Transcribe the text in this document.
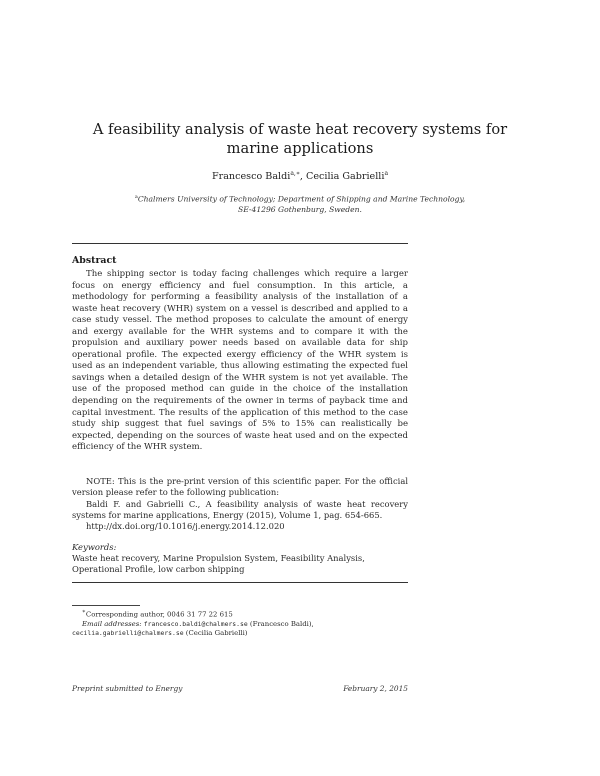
A feasibility analysis of waste heat recovery systems for
marine applications
Francesco Baldi$^{a,∗}$, Cecilia Gabrielli$^a$
$^a$Chalmers University of Technology; Department of Shipping and Marine Technology,
SE-41296 Gothenburg, Sweden.
Abstract
The shipping sector is today facing challenges which require a larger focus on energy efficiency and fuel consumption. In this article, a methodology for performing a feasibility analysis of the installation of a waste heat recovery (WHR) system on a vessel is described and applied to a case study vessel. The method proposes to calculate the amount of energy and exergy available for the WHR systems and to compare it with the propulsion and auxiliary power needs based on available data for ship operational profile. The expected exergy efficiency of the WHR system is used as an independent variable, thus allowing estimating the expected fuel savings when a detailed design of the WHR system is not yet available. The use of the proposed method can guide in the choice of the installation depending on the requirements of the owner in terms of payback time and capital investment. The results of the application of this method to the case study ship suggest that fuel savings of 5% to 15% can realistically be expected, depending on the sources of waste heat used and on the expected efficiency of the WHR system.

NOTE: This is the pre-print version of this scientific paper. For the official version please refer to the following publication:

Baldi F. and Gabrielli C., A feasibility analysis of waste heat recovery systems for marine applications, Energy (2015), Volume 1, pag. 654-665.

http://dx.doi.org/10.1016/j.energy.2014.12.020

Keywords:
Waste heat recovery, Marine Propulsion System, Feasibility Analysis,
Operational Profile, low carbon shipping

∗Corresponding author, 0046 31 77 22 615

Email addresses: francesco.baldi@chalmers.se (Francesco Baldi),

cecilia.gabrielli@chalmers.se (Cecilia Gabrielli)

Preprint submitted to Energy	February 2, 2015
